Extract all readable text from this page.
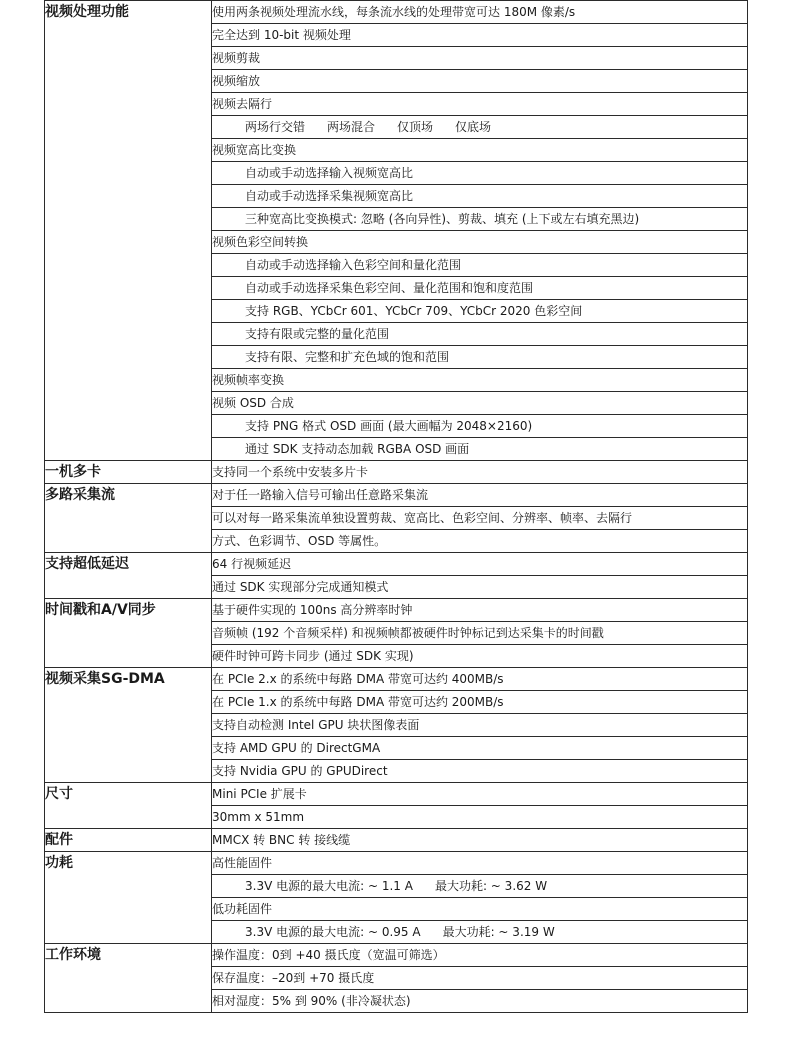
视频处理功能	使用两条视频处理流水线，每条流水线的处理带宽可达 180M 像素/s
	完全达到 10-bit 视频处理
	视频剪裁
	视频缩放
	视频去隔行
	两场行交错 两场混合 仅顶场 仅底场
	视频宽高比变换
	自动或手动选择输入视频宽高比
	自动或手动选择采集视频宽高比
	三种宽高比变换模式: 忽略 (各向异性)、剪裁、填充 (上下或左右填充黑边)
	视频色彩空间转换
	自动或手动选择输入色彩空间和量化范围
	自动或手动选择采集色彩空间、量化范围和饱和度范围
	支持 RGB、YCbCr 601、YCbCr 709、YCbCr 2020 色彩空间
	支持有限或完整的量化范围
	支持有限、完整和扩充色域的饱和范围
	视频帧率变换
	视频 OSD 合成
	支持 PNG 格式 OSD 画面 (最大画幅为 2048×2160)
	通过 SDK 支持动态加载 RGBA OSD 画面
一机多卡	支持同一个系统中安装多片卡
多路采集流	对于任一路输入信号可输出任意路采集流
	可以对每一路采集流单独设置剪裁、宽高比、色彩空间、分辨率、帧率、去隔行
	方式、色彩调节、OSD 等属性。
支持超低延迟	64 行视频延迟
	通过 SDK 实现部分完成通知模式
时间戳和A/V同步	基于硬件实现的 100ns 高分辨率时钟
	音频帧 (192 个音频采样) 和视频帧都被硬件时钟标记到达采集卡的时间戳
	硬件时钟可跨卡同步 (通过 SDK 实现)
视频采集SG-DMA	在 PCIe 2.x 的系统中每路 DMA 带宽可达约 400MB/s
	在 PCIe 1.x 的系统中每路 DMA 带宽可达约 200MB/s
	支持自动检测 Intel GPU 块状图像表面
	支持 AMD GPU 的 DirectGMA
	支持 Nvidia GPU 的 GPUDirect
尺寸	Mini PCIe 扩展卡
	30mm x 51mm
配件	MMCX 转 BNC 转 接线缆
功耗	高性能固件
	3.3V 电源的最大电流: ~ 1.1 A 最大功耗: ~ 3.62 W
	低功耗固件
	3.3V 电源的最大电流: ~ 0.95 A 最大功耗: ~ 3.19 W
工作环境	操作温度：0到 +40 摄氏度（宽温可筛选）
	保存温度：–20到 +70 摄氏度
	相对湿度：5% 到 90% (非冷凝状态)
